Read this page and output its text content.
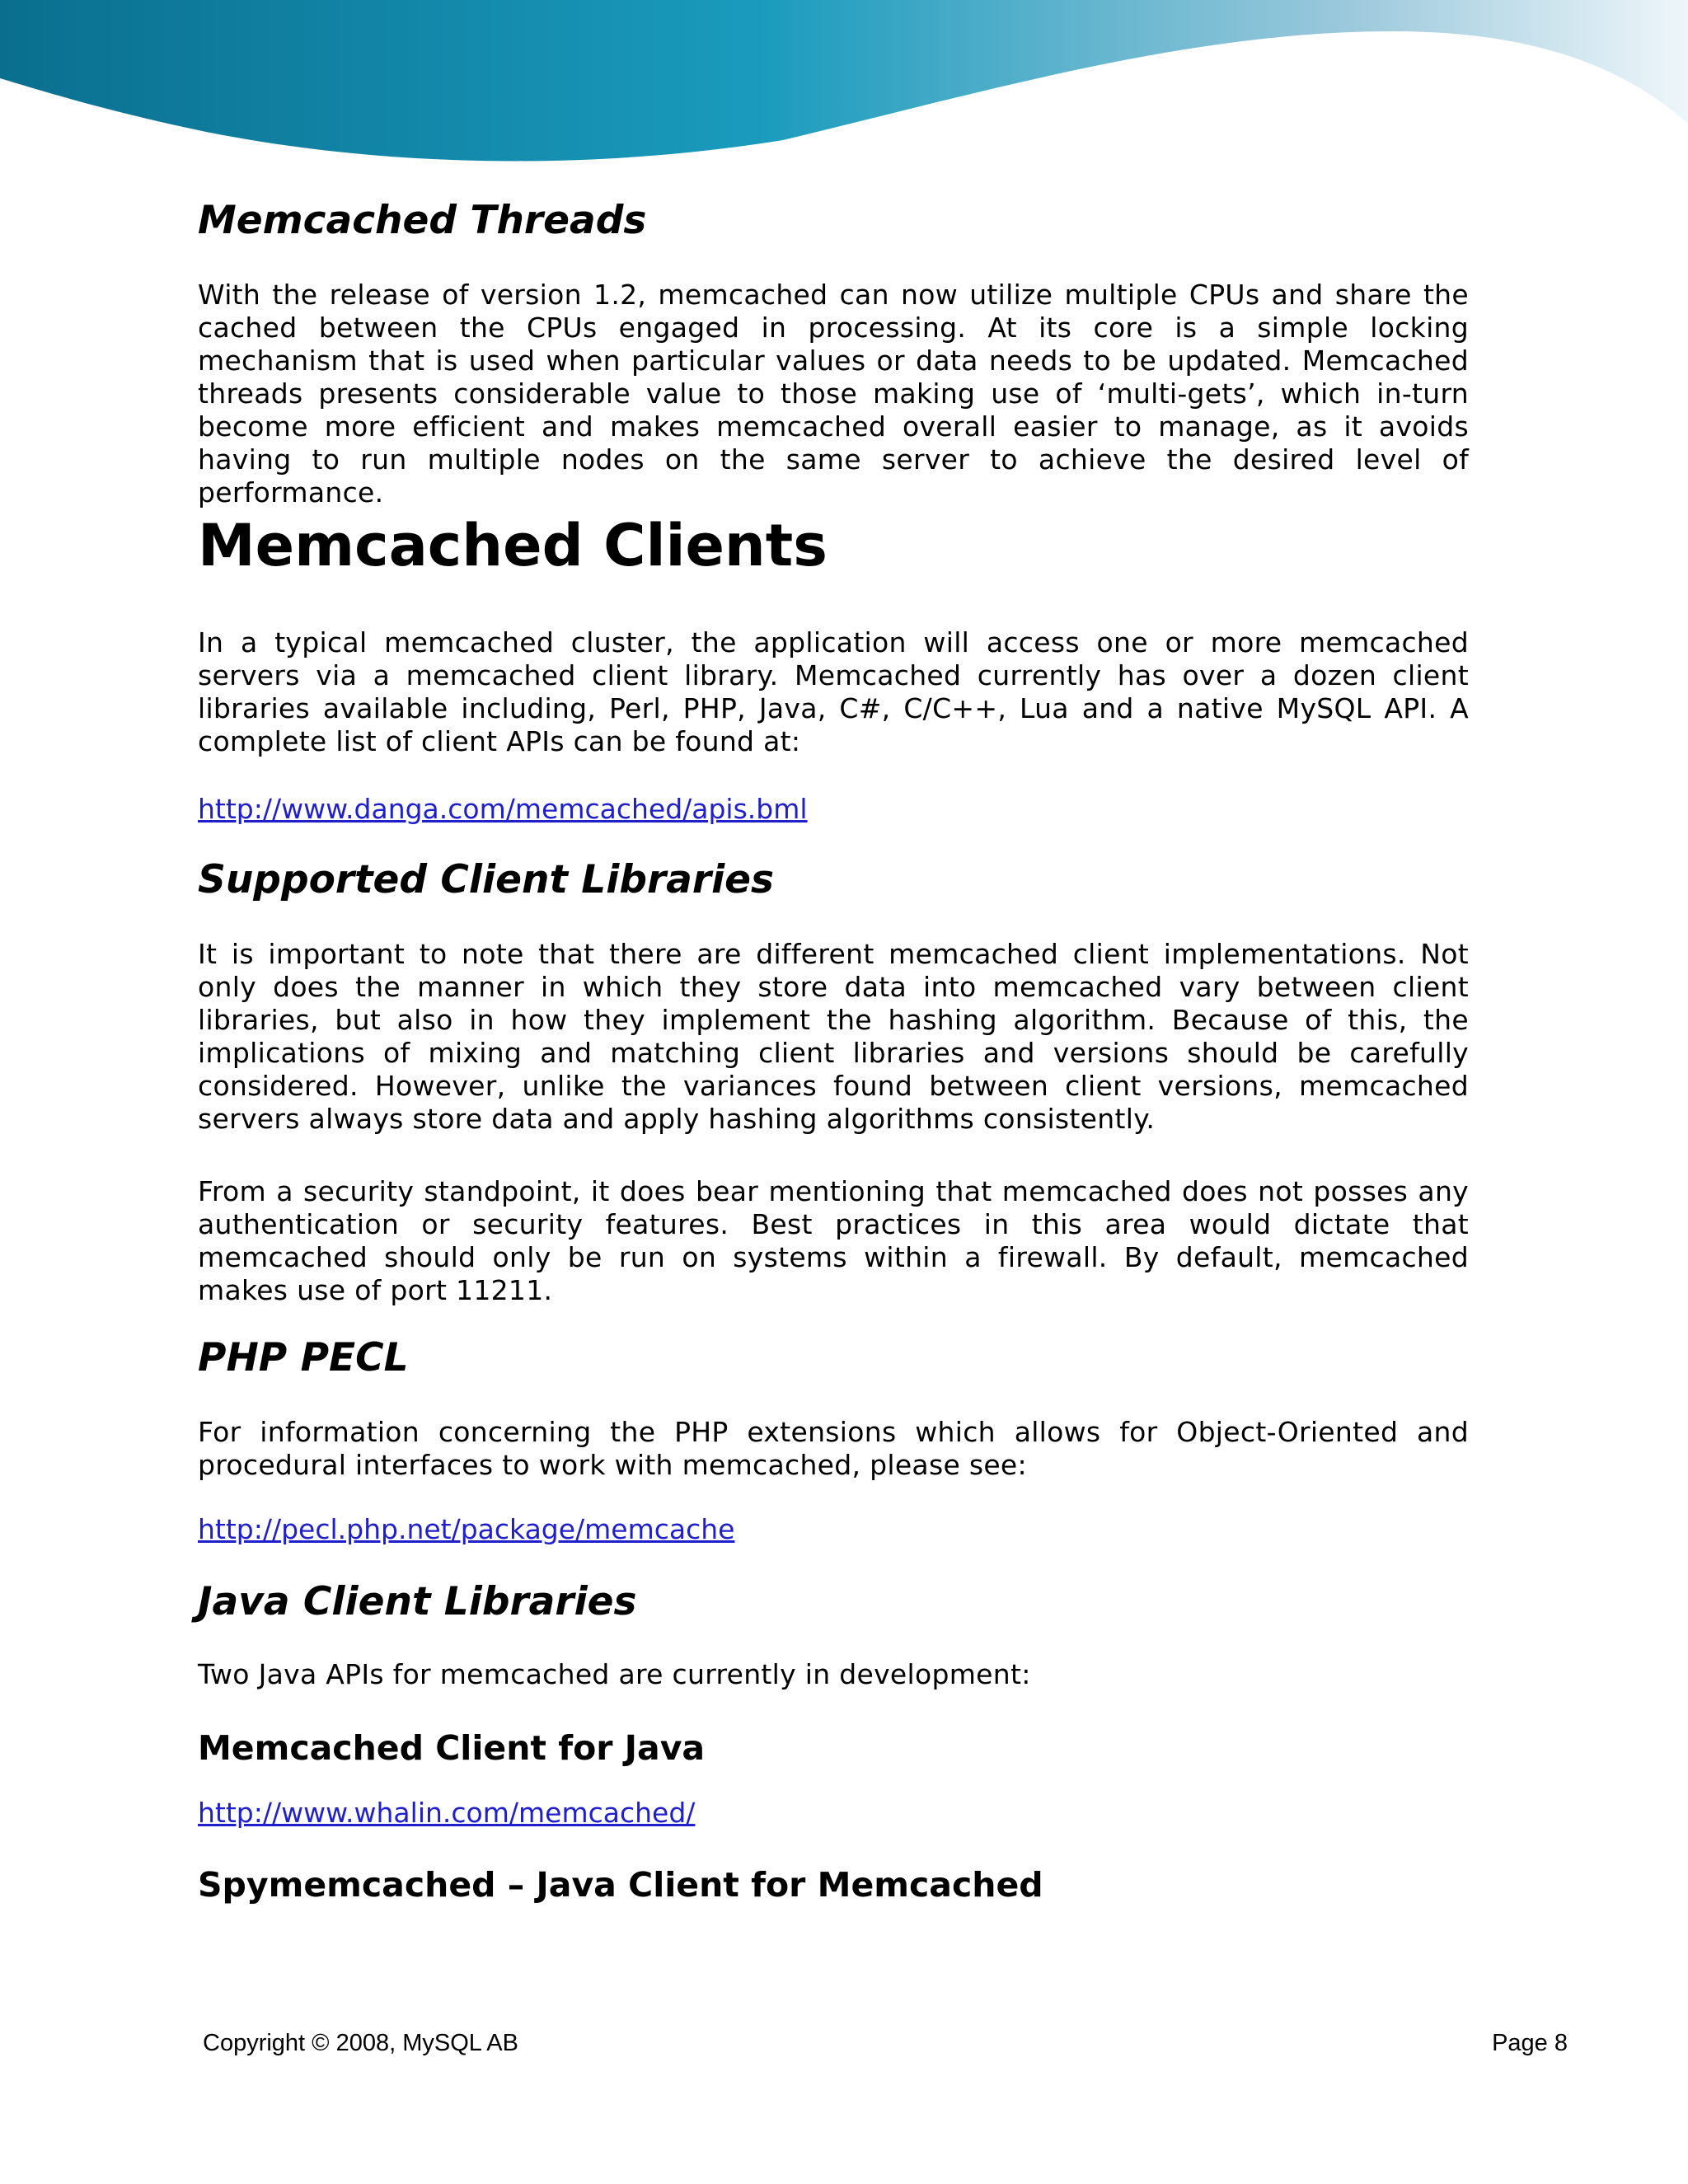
Memcached Threads

With the release of version 1.2, memcached can now utilize multiple CPUs and share the cached between the CPUs engaged in processing. At its core is a simple locking mechanism that is used when particular values or data needs to be updated. Memcached threads presents considerable value to those making use of ‘multi-gets’, which in-turn become more efficient and makes memcached overall easier to manage, as it avoids having to run multiple nodes on the same server to achieve the desired level of performance.

Memcached Clients

In a typical memcached cluster, the application will access one or more memcached servers via a memcached client library. Memcached currently has over a dozen client libraries available including, Perl, PHP, Java, C#, C/C++, Lua and a native MySQL API. A complete list of client APIs can be found at:

http://www.danga.com/memcached/apis.bml
Supported Client Libraries

It is important to note that there are different memcached client implementations. Not only does the manner in which they store data into memcached vary between client libraries, but also in how they implement the hashing algorithm. Because of this, the implications of mixing and matching client libraries and versions should be carefully considered. However, unlike the variances found between client versions, memcached servers always store data and apply hashing algorithms consistently.

From a security standpoint, it does bear mentioning that memcached does not posses any authentication or security features. Best practices in this area would dictate that memcached should only be run on systems within a firewall. By default, memcached makes use of port 11211.

PHP PECL

For information concerning the PHP extensions which allows for Object-Oriented and procedural interfaces to work with memcached, please see:

http://pecl.php.net/package/memcache
Java Client Libraries

Two Java APIs for memcached are currently in development:

Memcached Client for Java
http://www.whalin.com/memcached/
Spymemcached – Java Client for Memcached
Copyright © 2008, MySQL AB	Page 8
